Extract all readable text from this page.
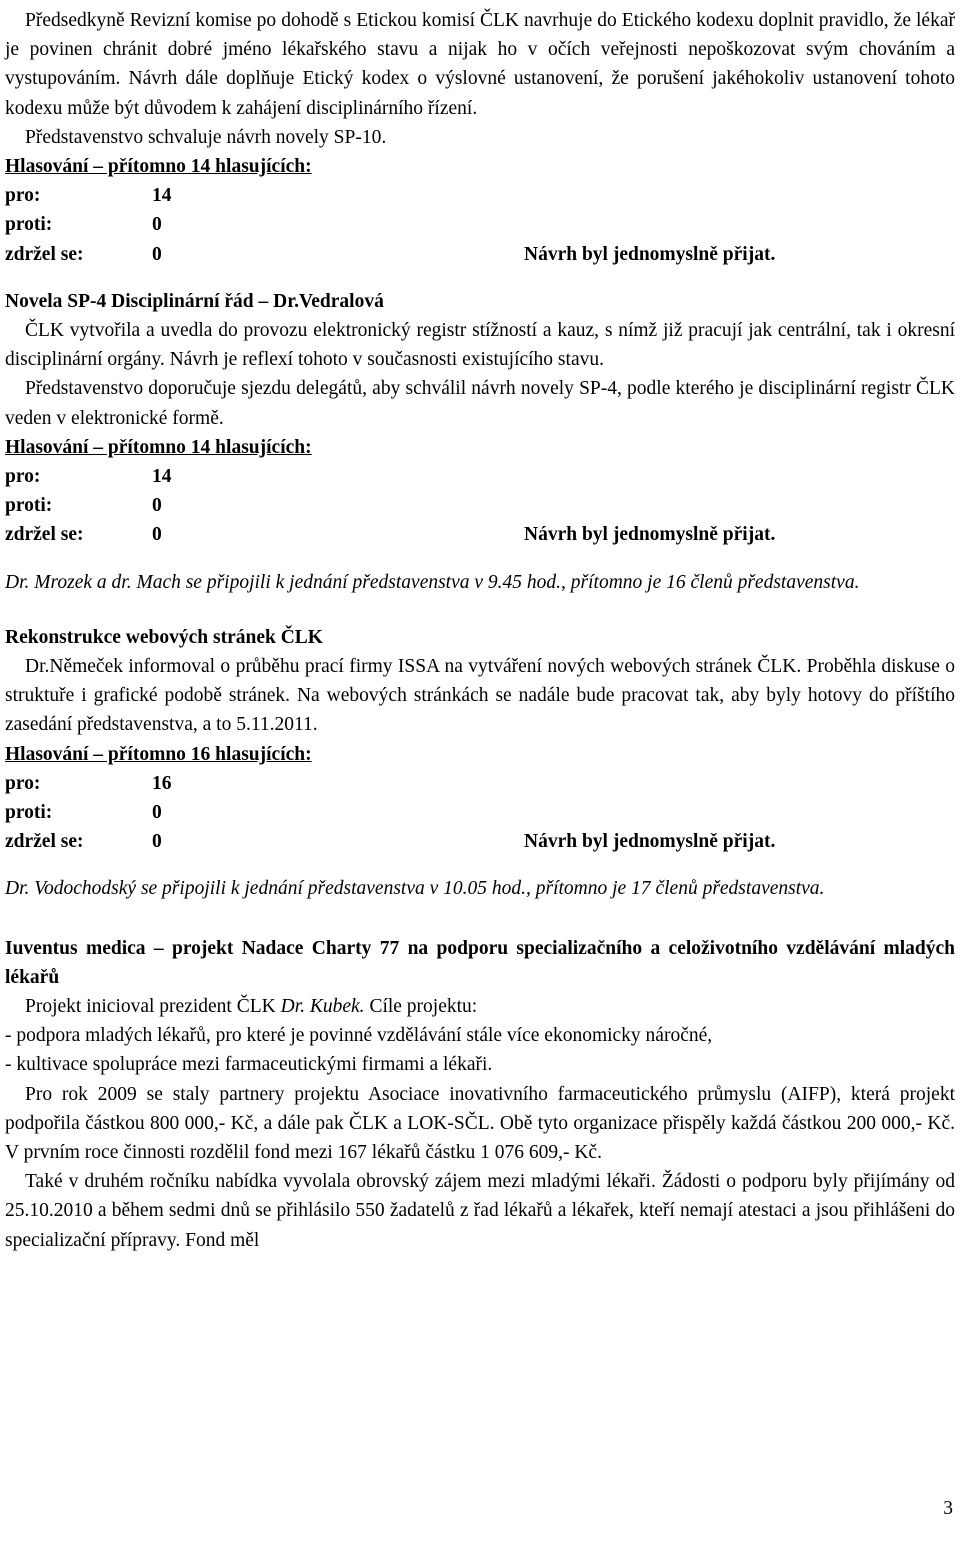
Předsedkyně Revizní komise po dohodě s Etickou komisí ČLK navrhuje do Etického kodexu doplnit pravidlo, že lékař je povinen chránit dobré jméno lékařského stavu a nijak ho v očích veřejnosti nepoškozovat svým chováním a vystupováním. Návrh dále doplňuje Etický kodex o výslovné ustanovení, že porušení jakéhokoliv ustanovení tohoto kodexu může být důvodem k zahájení disciplinárního řízení.

Představenstvo schvaluje návrh novely SP-10.

Hlasování – přítomno 14 hlasujících:
pro:	14
proti:	0
zdržel se:	0	Návrh byl jednomyslně přijat.
Novela SP-4 Disciplinární řád – Dr.Vedralová

ČLK vytvořila a uvedla do provozu elektronický registr stížností a kauz, s nímž již pracují jak centrální, tak i okresní disciplinární orgány. Návrh je reflexí tohoto v současnosti existujícího stavu.

Představenstvo doporučuje sjezdu delegátů, aby schválil návrh novely SP-4, podle kterého je disciplinární registr ČLK veden v elektronické formě.

Hlasování – přítomno 14 hlasujících:
pro:	14
proti:	0
zdržel se:	0	Návrh byl jednomyslně přijat.

Dr. Mrozek a dr. Mach se připojili k jednání představenstva v 9.45 hod., přítomno je 16 členů představenstva.

Rekonstrukce webových stránek ČLK

Dr.Němeček informoval o průběhu prací firmy ISSA na vytváření nových webových stránek ČLK. Proběhla diskuse o struktuře i grafické podobě stránek. Na webových stránkách se nadále bude pracovat tak, aby byly hotovy do příštího zasedání představenstva, a to 5.11.2011.

Hlasování – přítomno 16 hlasujících:
pro:	16
proti:	0
zdržel se:	0	Návrh byl jednomyslně přijat.

Dr. Vodochodský se připojili k jednání představenstva v 10.05 hod., přítomno je 17 členů představenstva.

Iuventus medica – projekt Nadace Charty 77 na podporu specializačního a celoživotního vzdělávání mladých lékařů

Projekt inicioval prezident ČLK Dr. Kubek. Cíle projektu:

- podpora mladých lékařů, pro které je povinné vzdělávání stále více ekonomicky náročné,

- kultivace spolupráce mezi farmaceutickými firmami a lékaři.

Pro rok 2009 se staly partnery projektu Asociace inovativního farmaceutického průmyslu (AIFP), která projekt podpořila částkou 800 000,- Kč, a dále pak ČLK a LOK-SČL. Obě tyto organizace přispěly každá částkou 200 000,- Kč. V prvním roce činnosti rozdělil fond mezi 167 lékařů částku 1 076 609,- Kč.

Také v druhém ročníku nabídka vyvolala obrovský zájem mezi mladými lékaři. Žádosti o podporu byly přijímány od 25.10.2010 a během sedmi dnů se přihlásilo 550 žadatelů z řad lékařů a lékařek, kteří nemají atestaci a jsou přihlášeni do specializační přípravy. Fond měl

3
